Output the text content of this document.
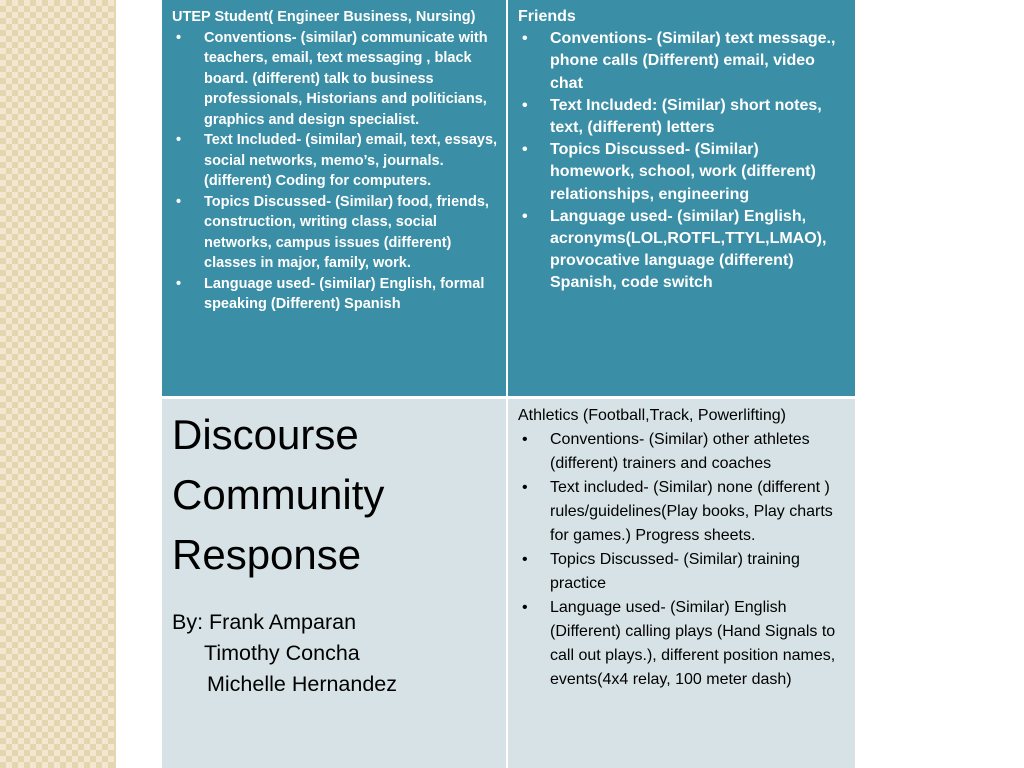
UTEP Student( Engineer Business, Nursing)

• Conventions- (similar) communicate with teachers, email, text messaging , black board. (different) talk to business professionals, Historians and politicians, graphics and design specialist.
• Text Included- (similar) email, text, essays, social networks, memo’s, journals. (different) Coding for computers.
• Topics Discussed- (Similar) food, friends, construction, writing class, social networks, campus issues (different) classes in major, family, work.
• Language used- (similar) English, formal speaking (Different) Spanish

Friends

• Conventions- (Similar) text message., phone calls (Different) email, video chat
• Text Included: (Similar) short notes, text, (different) letters
• Topics Discussed- (Similar) homework, school, work (different) relationships, engineering
• Language used- (similar) English, acronyms(LOL,ROTFL,TTYL,LMAO), provocative language (different) Spanish, code switch

Discourse

Community

Response

By: Frank Amparan
Timothy Concha
Michelle Hernandez

Athletics (Football,Track, Powerlifting)

• Conventions- (Similar) other athletes (different) trainers and coaches
• Text included- (Similar) none (different ) rules/guidelines(Play books, Play charts for games.) Progress sheets.
• Topics Discussed- (Similar) training practice
• Language used- (Similar) English (Different) calling plays (Hand Signals to call out plays.), different position names, events(4x4 relay, 100 meter dash)
